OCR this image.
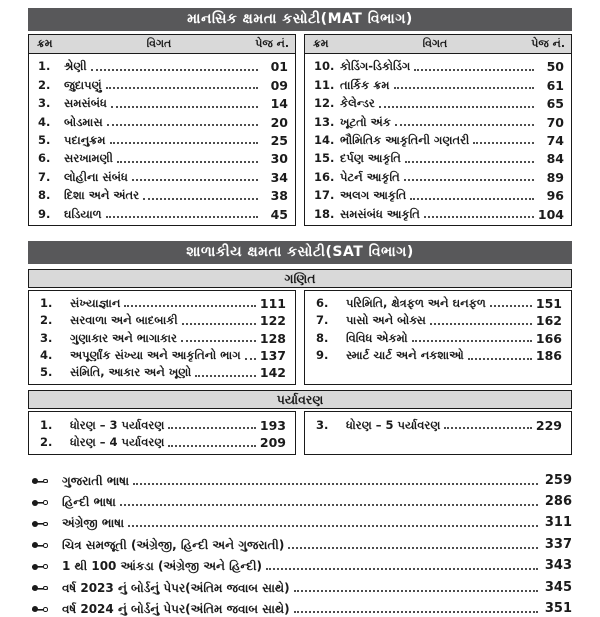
માનસિક ક્ષમતા કસોટી(MAT વિભાગ)
ક્રમ	વિગત	પેજ નં.
1.	શ્રેણી	01
2.	જુદાપણું	09
3.	સમસંબંધ	14
4.	બોડમાસ	20
5.	પદાનુક્રમ	25
6.	સરખામણી	30
7.	લોહીના સંબંધ	34
8.	દિશા અને અંતર	38
9.	ઘડિયાળ	45
ક્રમ	વિગત	પેજ નં.
10. કોડિંગ-ડિકોડિંગ	50
11. તાર્કિક ક્રમ	61
12. કેલેન્ડર	65
13. ખૂટતો અંક	70
14. ભૌમિતિક આકૃતિની ગણતરી	74
15. દર્પણ આકૃતિ	84
16. પેટર્ન આકૃતિ	89
17. અલગ આકૃતિ	96
18. સમસંબંધ આકૃતિ	104
શાળાકીય ક્ષમતા કસોટી(SAT વિભાગ)
ગણિત
1.	સંખ્યાજ્ઞાન	111
2.	સરવાળા અને બાદબાકી	122
3.	ગુણાકાર અને ભાગાકાર	128
4.	અપૂર્ણાંક સંખ્યા અને આકૃતિનો ભાગ 137
5.	સંમિતિ, આકાર અને ખૂણો	142
6.	પરિમિતિ, ક્ષેત્રફળ અને ઘનફળ	151
7.	પાસો અને બોક્સ	162
8.	વિવિધ એકમો	166
9.	સ્માર્ટ ચાર્ટ અને નકશાઓ	186
પર્યાવરણ
1.	ધોરણ – 3 પર્યાવરણ	193
2.	ધોરણ – 4 પર્યાવરણ	209
3.	ધોરણ – 5 પર્યાવરણ	229
ગુજરાતી ભાષા	259
હિન્દી ભાષા	286
અંગ્રેજી ભાષા	311
ચિત્ર સમજૂતી (અંગ્રેજી, હિન્દી અને ગુજરાતી)	337
1 થી 100 આંકડા (અંગ્રેજી અને હિન્દી)	343
વર્ષ 2023 નું બોર્ડનું પેપર(અંતિમ જવાબ સાથે)	345
વર્ષ 2024 નું બોર્ડનું પેપર(અંતિમ જવાબ સાથે)	351
